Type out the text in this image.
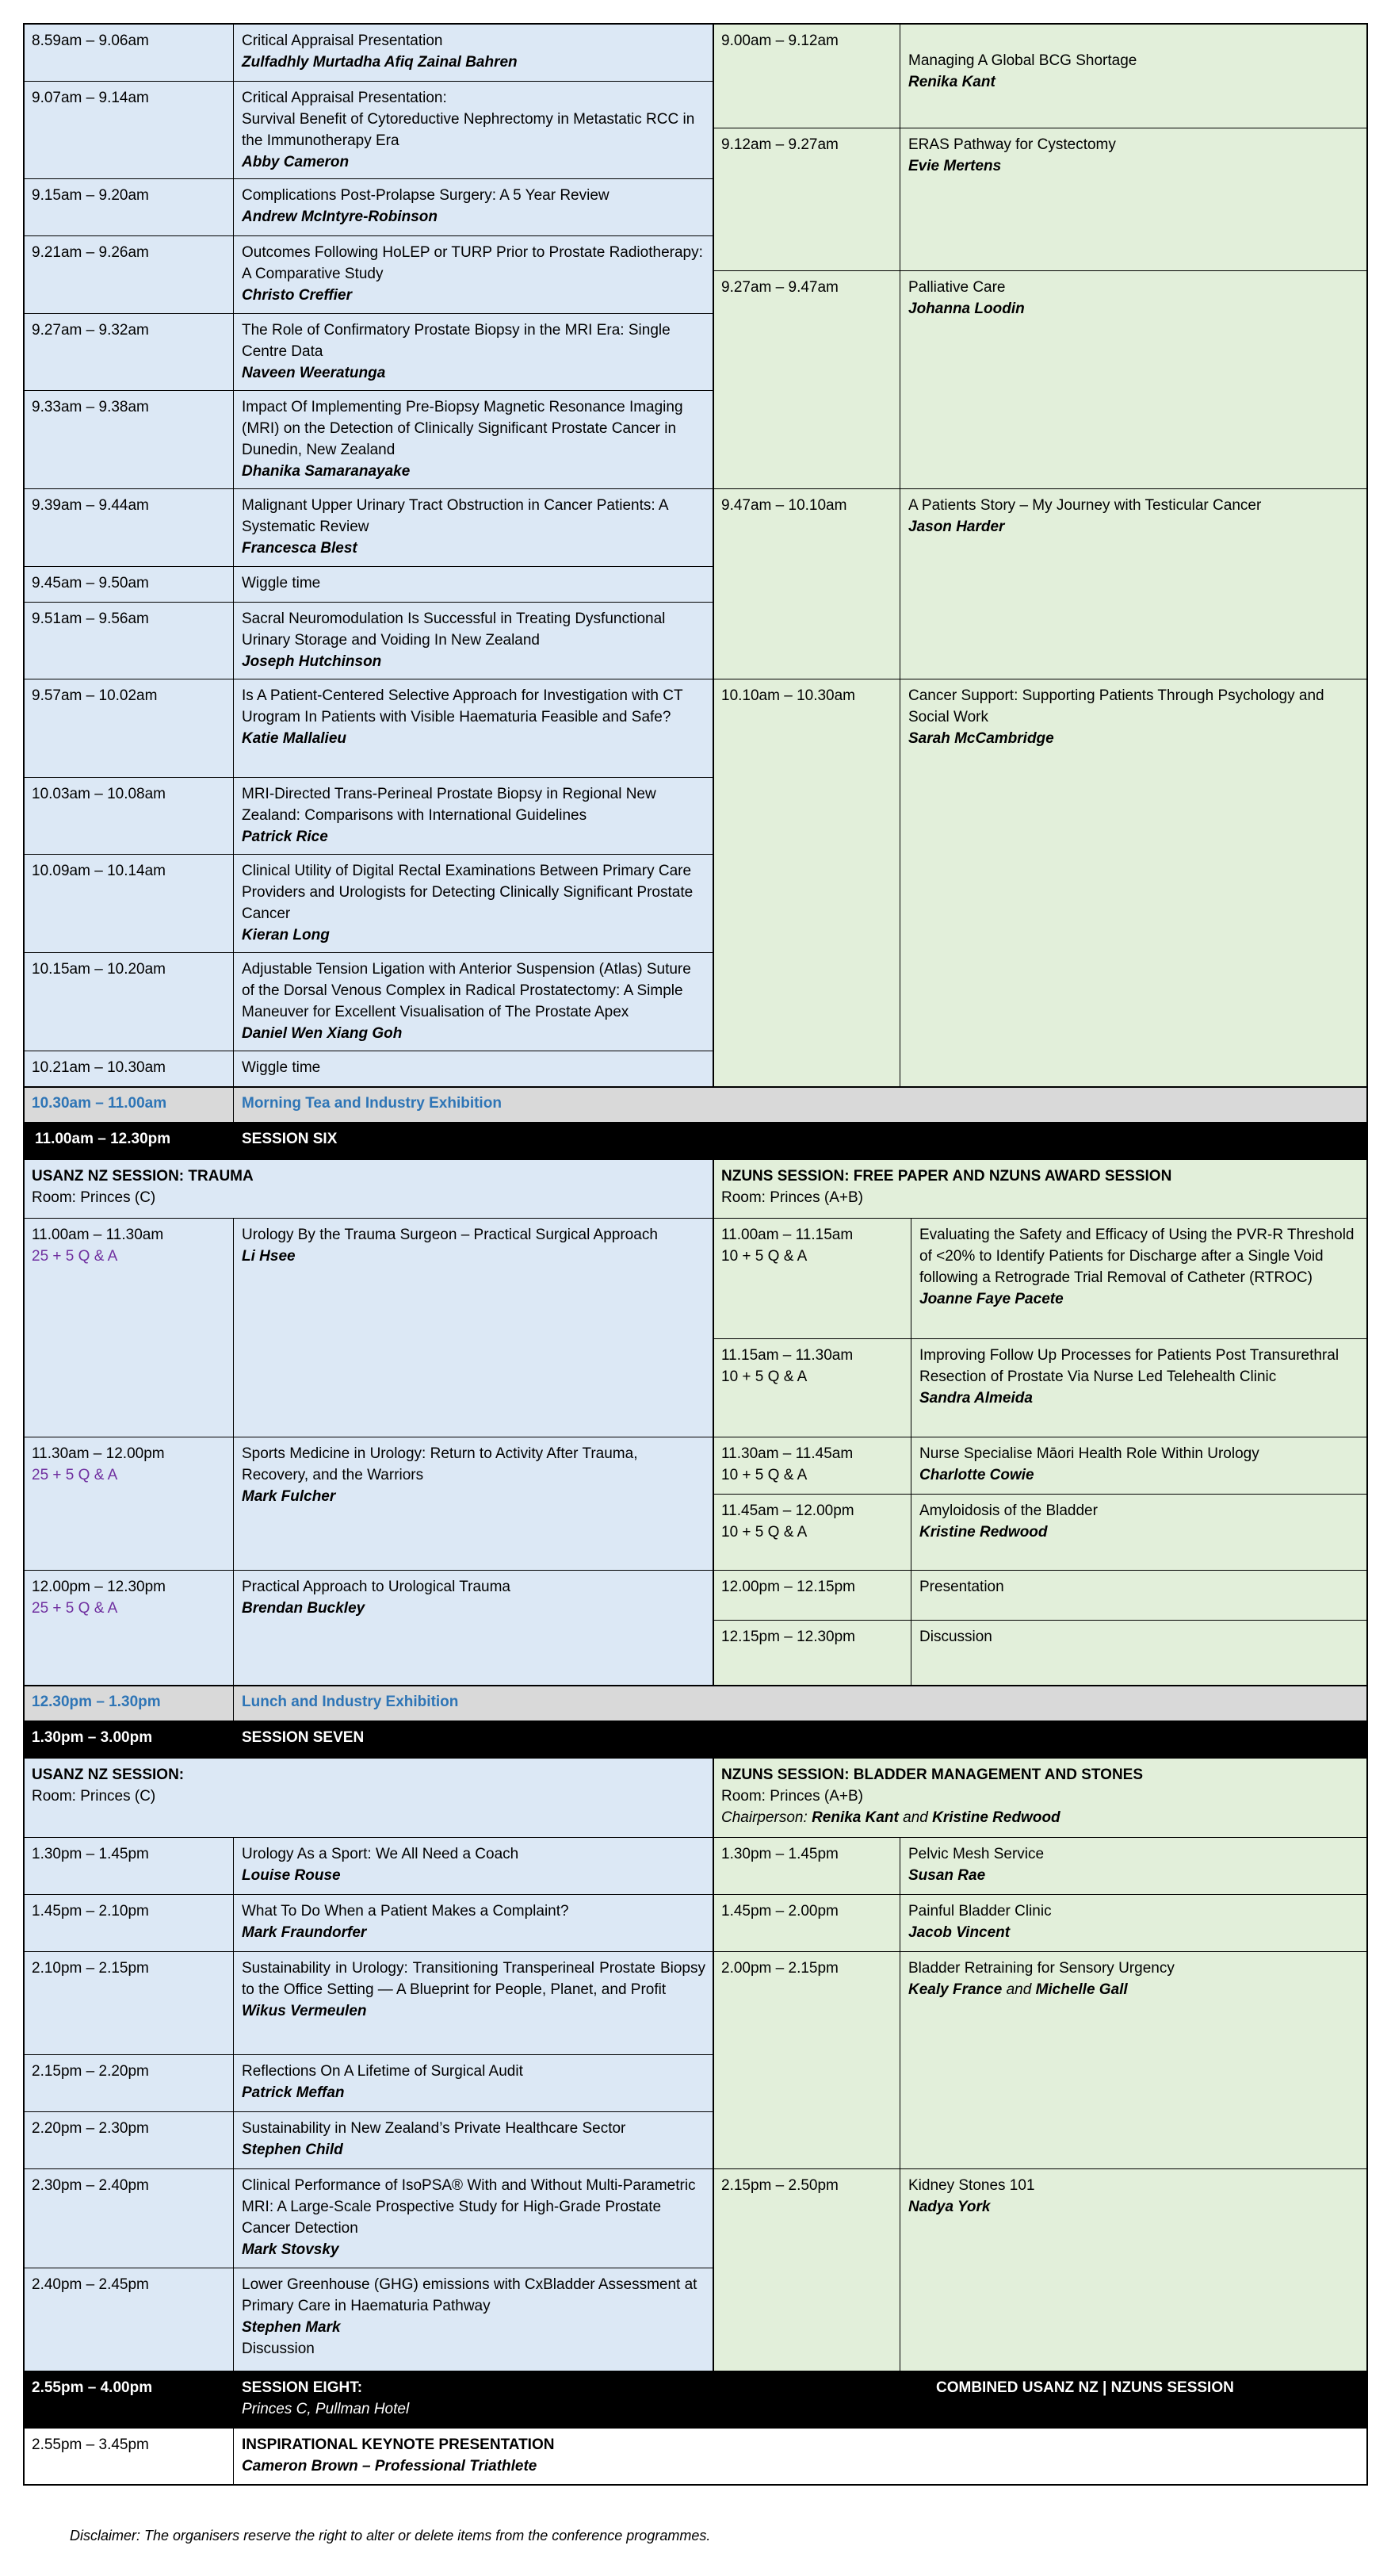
8.59am – 9.06am	Critical Appraisal Presentation
Zulfadhly Murtadha Afiq Zainal Bahren
9.07am – 9.14am	Critical Appraisal Presentation:
Survival Benefit of Cytoreductive Nephrectomy in Metastatic RCC in the Immunotherapy Era
Abby Cameron
9.15am – 9.20am	Complications Post-Prolapse Surgery: A 5 Year Review
Andrew McIntyre-Robinson
9.21am – 9.26am	Outcomes Following HoLEP or TURP Prior to Prostate Radiotherapy: A Comparative Study
Christo Creffier
9.27am – 9.32am	The Role of Confirmatory Prostate Biopsy in the MRI Era: Single Centre Data
Naveen Weeratunga
9.33am – 9.38am	Impact Of Implementing Pre-Biopsy Magnetic Resonance Imaging (MRI) on the Detection of Clinically Significant Prostate Cancer in Dunedin, New Zealand
Dhanika Samaranayake
9.39am – 9.44am	Malignant Upper Urinary Tract Obstruction in Cancer Patients: A Systematic Review
Francesca Blest
9.45am – 9.50am	Wiggle time
9.51am – 9.56am	Sacral Neuromodulation Is Successful in Treating Dysfunctional Urinary Storage and Voiding In New Zealand
Joseph Hutchinson
9.57am – 10.02am	Is A Patient-Centered Selective Approach for Investigation with CT Urogram In Patients with Visible Haematuria Feasible and Safe?
Katie Mallalieu
10.03am – 10.08am	MRI-Directed Trans-Perineal Prostate Biopsy in Regional New Zealand: Comparisons with International Guidelines
Patrick Rice
10.09am – 10.14am	Clinical Utility of Digital Rectal Examinations Between Primary Care Providers and Urologists for Detecting Clinically Significant Prostate Cancer
Kieran Long
10.15am – 10.20am	Adjustable Tension Ligation with Anterior Suspension (Atlas) Suture of the Dorsal Venous Complex in Radical Prostatectomy: A Simple Maneuver for Excellent Visualisation of The Prostate Apex
Daniel Wen Xiang Goh
10.21am – 10.30am	Wiggle time
9.00am – 9.12am
Managing A Global BCG Shortage
Renika Kant
9.12am – 9.27am	ERAS Pathway for Cystectomy
Evie Mertens
9.27am – 9.47am	Palliative Care
Johanna Loodin
9.47am – 10.10am	A Patients Story – My Journey with Testicular Cancer
Jason Harder
10.10am – 10.30am	Cancer Support: Supporting Patients Through Psychology and Social Work
Sarah McCambridge
10.30am – 11.00am	Morning Tea and Industry Exhibition
11.00am – 12.30pm	SESSION SIX
USANZ NZ SESSION: TRAUMA
Room: Princes (C)
NZUNS SESSION: FREE PAPER AND NZUNS AWARD SESSION
Room: Princes (A+B)
11.00am – 11.30am
25 + 5 Q & A
Urology By the Trauma Surgeon – Practical Surgical Approach
Li Hsee
11.30am – 12.00pm
25 + 5 Q & A
Sports Medicine in Urology: Return to Activity After Trauma, Recovery, and the Warriors
Mark Fulcher
12.00pm – 12.30pm
25 + 5 Q & A
Practical Approach to Urological Trauma
Brendan Buckley
11.00am – 11.15am
10 + 5 Q & A
Evaluating the Safety and Efficacy of Using the PVR-R Threshold of <20% to Identify Patients for Discharge after a Single Void following a Retrograde Trial Removal of Catheter (RTROC)
Joanne Faye Pacete
11.15am – 11.30am
10 + 5 Q & A
Improving Follow Up Processes for Patients Post Transurethral Resection of Prostate Via Nurse Led Telehealth Clinic
Sandra Almeida
11.30am – 11.45am
10 + 5 Q & A
Nurse Specialise Māori Health Role Within Urology
Charlotte Cowie
11.45am – 12.00pm
10 + 5 Q & A
Amyloidosis of the Bladder
Kristine Redwood
12.00pm – 12.15pm	Presentation
12.15pm – 12.30pm	Discussion
12.30pm – 1.30pm	Lunch and Industry Exhibition
1.30pm – 3.00pm	SESSION SEVEN
USANZ NZ SESSION:
Room: Princes (C)
NZUNS SESSION: BLADDER MANAGEMENT AND STONES
Room: Princes (A+B)
Chairperson: Renika Kant and Kristine Redwood
1.30pm – 1.45pm	Urology As a Sport: We All Need a Coach
Louise Rouse
1.45pm – 2.10pm	What To Do When a Patient Makes a Complaint?
Mark Fraundorfer
2.10pm – 2.15pm	Sustainability in Urology: Transitioning Transperineal Prostate Biopsy to the Office Setting — A Blueprint for People, Planet, and Profit
Wikus Vermeulen
2.15pm – 2.20pm	Reflections On A Lifetime of Surgical Audit
Patrick Meffan
2.20pm – 2.30pm	Sustainability in New Zealand’s Private Healthcare Sector
Stephen Child
2.30pm – 2.40pm	Clinical Performance of IsoPSA® With and Without Multi-Parametric MRI: A Large-Scale Prospective Study for High-Grade Prostate Cancer Detection
Mark Stovsky
2.40pm – 2.45pm	Lower Greenhouse (GHG) emissions with CxBladder Assessment at Primary Care in Haematuria Pathway
Stephen Mark
Discussion
1.30pm – 1.45pm	Pelvic Mesh Service
Susan Rae
1.45pm – 2.00pm	Painful Bladder Clinic
Jacob Vincent
2.00pm – 2.15pm	Bladder Retraining for Sensory Urgency
Kealy France and Michelle Gall
2.15pm – 2.50pm	Kidney Stones 101
Nadya York
2.55pm – 4.00pm	SESSION EIGHT:
Princes C, Pullman Hotel
COMBINED USANZ NZ | NZUNS SESSION
2.55pm – 3.45pm	INSPIRATIONAL KEYNOTE PRESENTATION
Cameron Brown – Professional Triathlete
Disclaimer: The organisers reserve the right to alter or delete items from the conference programmes.
